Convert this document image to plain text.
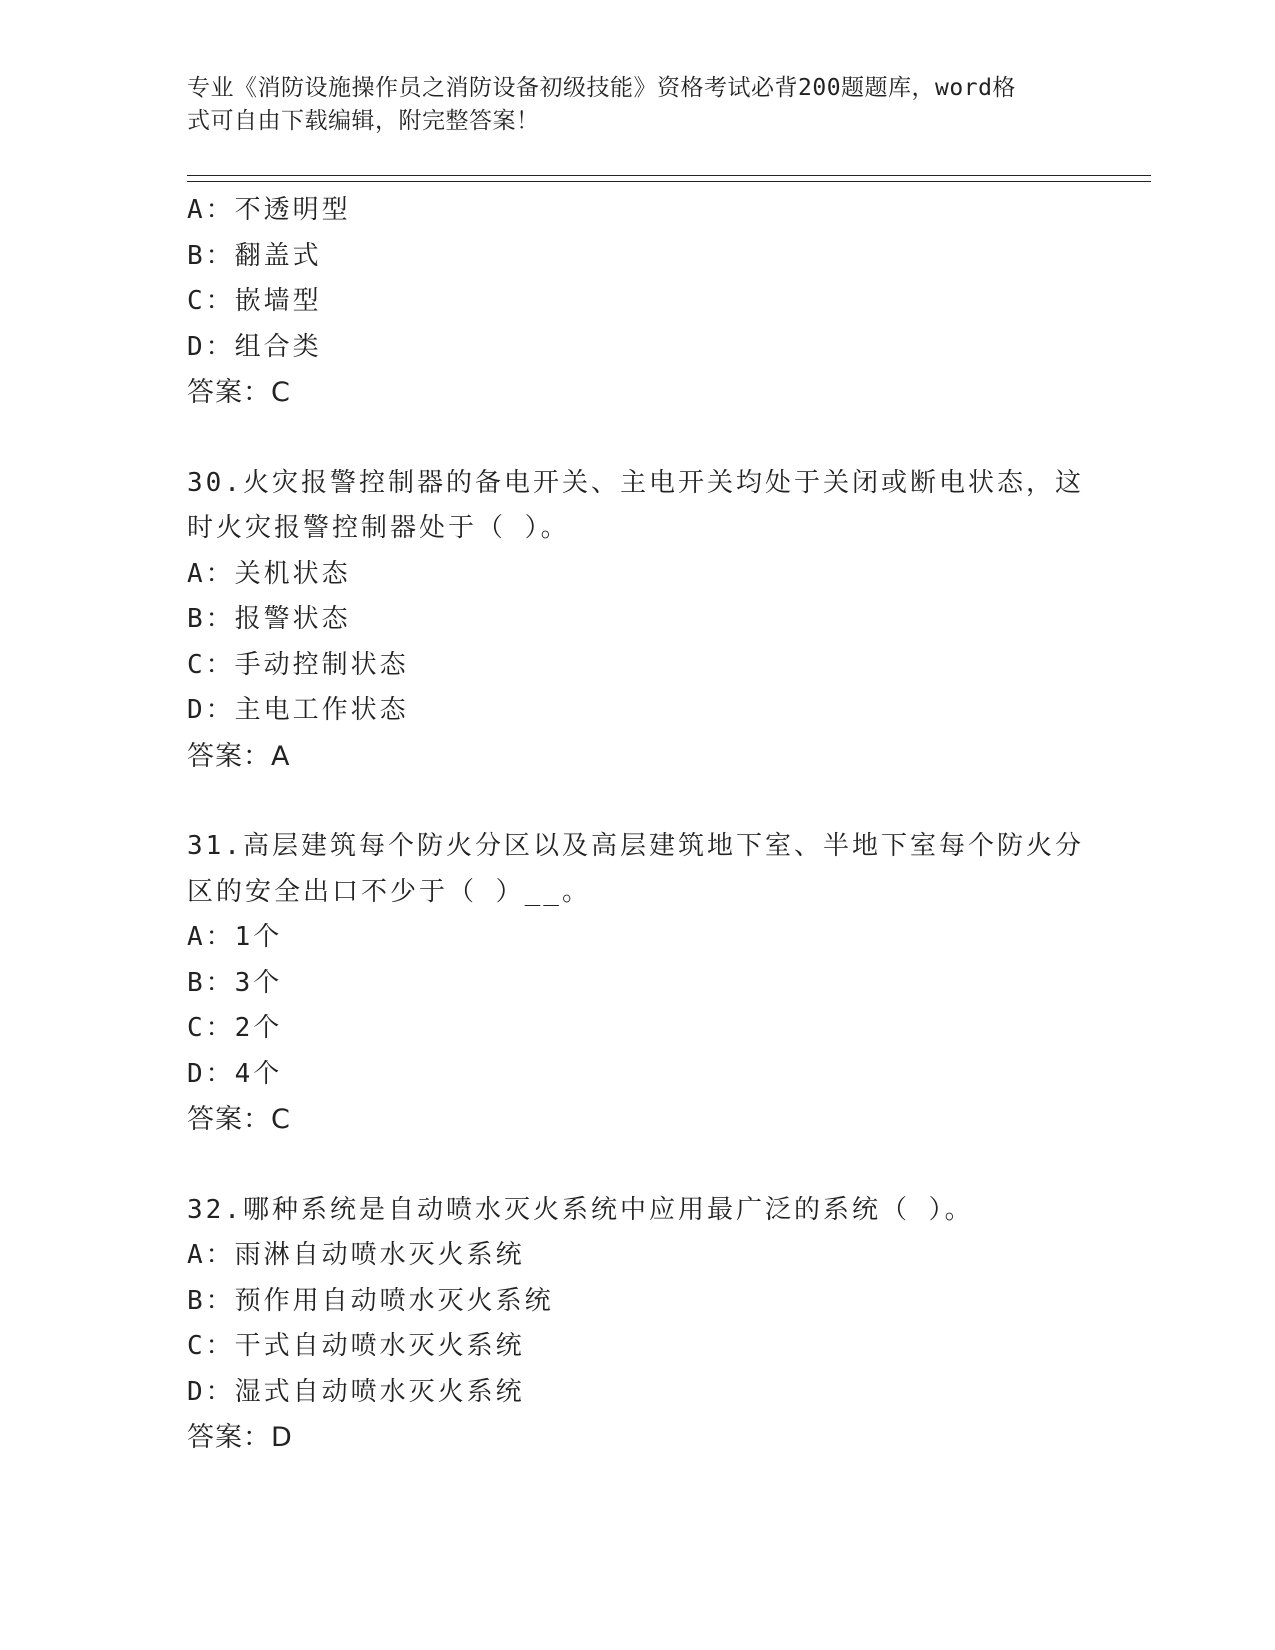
专业《消防设施操作员之消防设备初级技能》资格考试必背200题题库，word格
式可自由下载编辑，附完整答案！
A：不透明型
B：翻盖式
C：嵌墙型
D：组合类
答案：C
30.火灾报警控制器的备电开关、主电开关均处于关闭或断电状态，这
时火灾报警控制器处于（ ）。
A：关机状态
B：报警状态
C：手动控制状态
D：主电工作状态
答案：A
31.高层建筑每个防火分区以及高层建筑地下室、半地下室每个防火分
区的安全出口不少于（ ）__。
A：1个
B：3个
C：2个
D：4个
答案：C
32.哪种系统是自动喷水灭火系统中应用最广泛的系统（ ）。
A：雨淋自动喷水灭火系统
B：预作用自动喷水灭火系统
C：干式自动喷水灭火系统
D：湿式自动喷水灭火系统
答案：D
